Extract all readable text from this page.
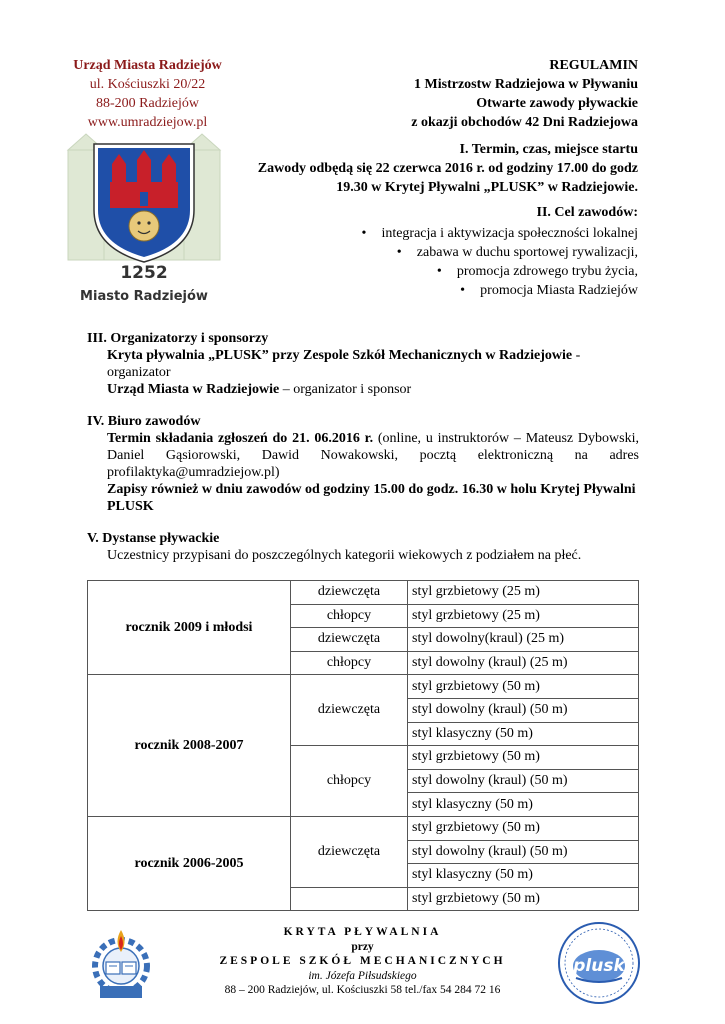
Urząd Miasta Radziejów
ul. Kościuszki 20/22
88-200 Radziejów
www.umradziejow.pl
1252
Miasto Radziejów
REGULAMIN
1 Mistrzostw Radziejowa w Pływaniu
Otwarte zawody pływackie
z okazji obchodów 42 Dni Radziejowa
I. Termin, czas, miejsce startu
Zawody odbędą się 22 czerwca 2016 r. od godziny 17.00 do godz
19.30 w Krytej Pływalni „PLUSK” w Radziejowie.
II. Cel zawodów:
• integracja i aktywizacja społeczności lokalnej
• zabawa w duchu sportowej rywalizacji,
• promocja zdrowego trybu życia,
• promocja Miasta Radziejów
III. Organizatorzy i sponsorzy
Kryta pływalnia „PLUSK” przy Zespole Szkół Mechanicznych w Radziejowie - organizator
Urząd Miasta w Radziejowie – organizator i sponsor
IV. Biuro zawodów
Termin składania zgłoszeń do 21. 06.2016 r. (online, u instruktorów – Mateusz Dybowski, Daniel Gąsiorowski, Dawid Nowakowski, pocztą elektroniczną na adres profilaktyka@umradziejow.pl)
Zapisy również w dniu zawodów od godziny 15.00 do godz. 16.30 w holu Krytej Pływalni PLUSK
V. Dystanse pływackie
Uczestnicy przypisani do poszczególnych kategorii wiekowych z podziałem na płeć.
rocznik 2009 i młodsi	dziewczęta	styl grzbietowy (25 m)
	chłopcy	styl grzbietowy (25 m)
	dziewczęta	styl dowolny(kraul) (25 m)
	chłopcy	styl dowolny (kraul) (25 m)
rocznik 2008-2007	dziewczęta	styl grzbietowy (50 m)
		styl dowolny (kraul) (50 m)
		styl klasyczny (50 m)
	chłopcy	styl grzbietowy (50 m)
		styl dowolny (kraul) (50 m)
		styl klasyczny (50 m)
rocznik 2006-2005	dziewczęta	styl grzbietowy (50 m)
		styl dowolny (kraul) (50 m)
		styl klasyczny (50 m)
		styl grzbietowy (50 m)
KRYTA PŁYWALNIA
przy
ZESPOLE SZKÓŁ MECHANICZNYCH
im. Józefa Piłsudskiego
88 – 200 Radziejów, ul. Kościuszki 58 tel./fax 54 284 72 16
plusk
